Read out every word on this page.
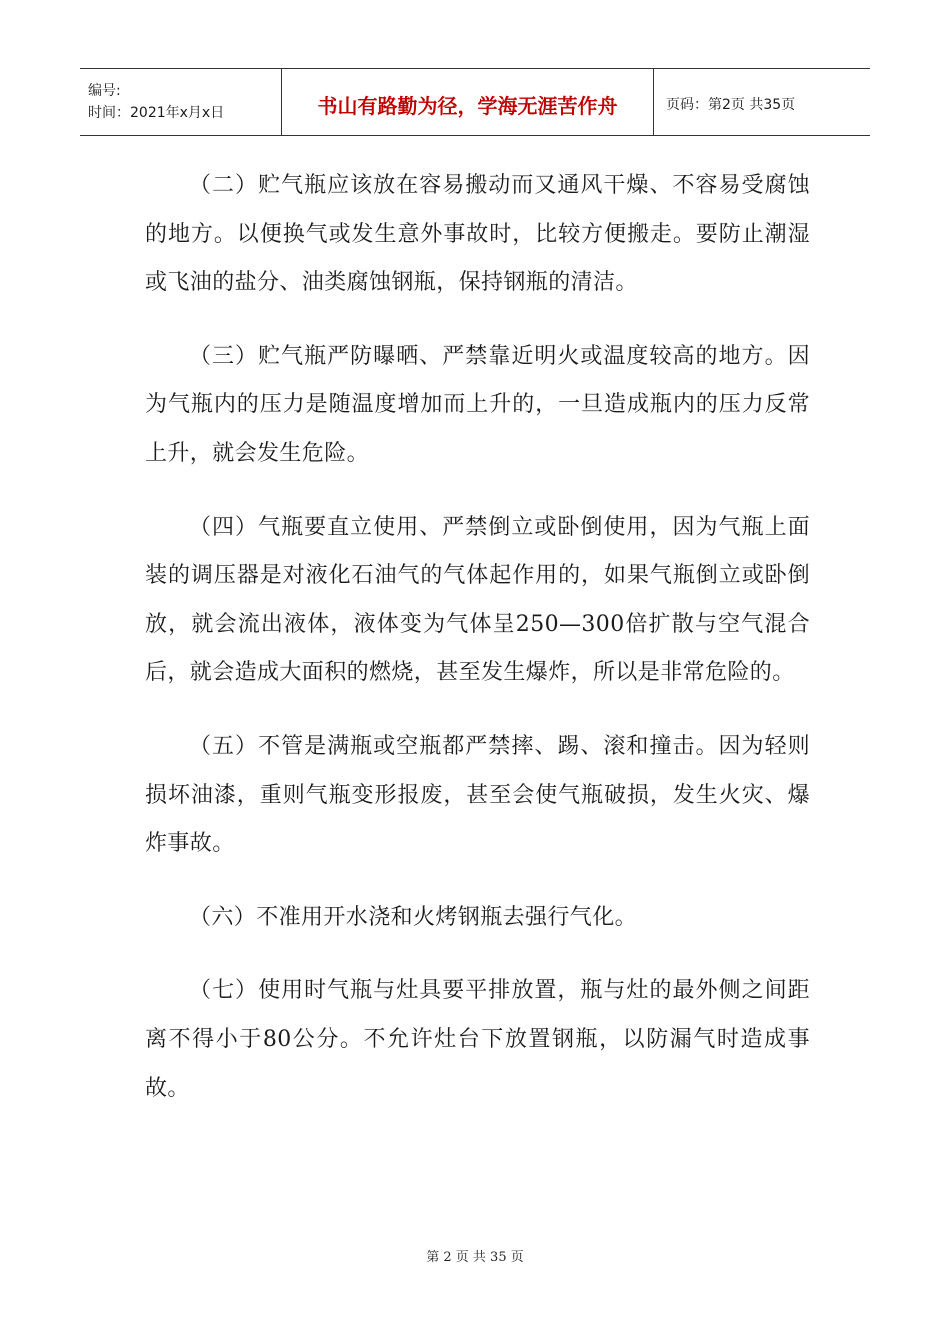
编号:
时间：2021年x月x日	书山有路勤为径，学海无涯苦作舟	页码：第2页 共35页

（二）贮气瓶应该放在容易搬动而又通风干燥、不容易受腐蚀的地方。以便换气或发生意外事故时，比较方便搬走。要防止潮湿或飞油的盐分、油类腐蚀钢瓶，保持钢瓶的清洁。

（三）贮气瓶严防曝晒、严禁靠近明火或温度较高的地方。因为气瓶内的压力是随温度增加而上升的，一旦造成瓶内的压力反常上升，就会发生危险。

（四）气瓶要直立使用、严禁倒立或卧倒使用，因为气瓶上面装的调压器是对液化石油气的气体起作用的，如果气瓶倒立或卧倒放，就会流出液体，液体变为气体呈250—300倍扩散与空气混合后，就会造成大面积的燃烧，甚至发生爆炸，所以是非常危险的。

（五）不管是满瓶或空瓶都严禁摔、踢、滚和撞击。因为轻则损坏油漆，重则气瓶变形报废，甚至会使气瓶破损，发生火灾、爆炸事故。

（六）不准用开水浇和火烤钢瓶去强行气化。

（七）使用时气瓶与灶具要平排放置，瓶与灶的最外侧之间距离不得小于80公分。不允许灶台下放置钢瓶，以防漏气时造成事故。

第 2 页 共 35 页
